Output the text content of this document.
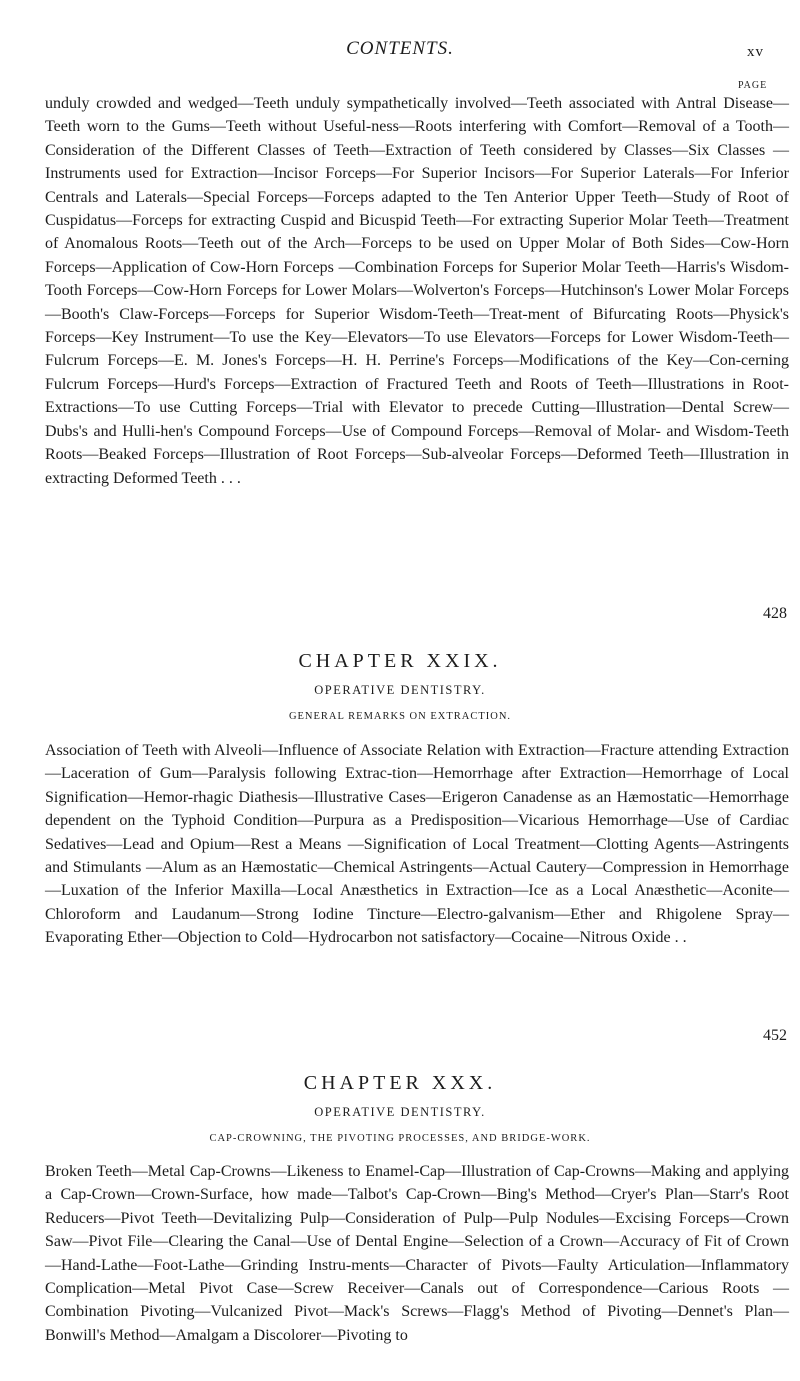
CONTENTS.	xv
PAGE
unduly crowded and wedged—Teeth unduly sympathetically involved—Teeth associated with Antral Disease—Teeth worn to the Gums—Teeth without Useful-ness—Roots interfering with Comfort—Removal of a Tooth—Consideration of the Different Classes of Teeth—Extraction of Teeth considered by Classes—Six Classes —Instruments used for Extraction—Incisor Forceps—For Superior Incisors—For Superior Laterals—For Inferior Centrals and Laterals—Special Forceps—Forceps adapted to the Ten Anterior Upper Teeth—Study of Root of Cuspidatus—Forceps for extracting Cuspid and Bicuspid Teeth—For extracting Superior Molar Teeth—Treatment of Anomalous Roots—Teeth out of the Arch—Forceps to be used on Upper Molar of Both Sides—Cow-Horn Forceps—Application of Cow-Horn Forceps —Combination Forceps for Superior Molar Teeth—Harris's Wisdom-Tooth Forceps—Cow-Horn Forceps for Lower Molars—Wolverton's Forceps—Hutchinson's Lower Molar Forceps—Booth's Claw-Forceps—Forceps for Superior Wisdom-Teeth—Treat-ment of Bifurcating Roots—Physick's Forceps—Key Instrument—To use the Key—Elevators—To use Elevators—Forceps for Lower Wisdom-Teeth—Fulcrum Forceps—E. M. Jones's Forceps—H. H. Perrine's Forceps—Modifications of the Key—Con-cerning Fulcrum Forceps—Hurd's Forceps—Extraction of Fractured Teeth and Roots of Teeth—Illustrations in Root-Extractions—To use Cutting Forceps—Trial with Elevator to precede Cutting—Illustration—Dental Screw—Dubs's and Hulli-hen's Compound Forceps—Use of Compound Forceps—Removal of Molar- and Wisdom-Teeth Roots—Beaked Forceps—Illustration of Root Forceps—Sub-alveolar Forceps—Deformed Teeth—Illustration in extracting Deformed Teeth . . .
428
CHAPTER XXIX.
OPERATIVE DENTISTRY.
GENERAL REMARKS ON EXTRACTION.
Association of Teeth with Alveoli—Influence of Associate Relation with Extraction—Fracture attending Extraction—Laceration of Gum—Paralysis following Extrac-tion—Hemorrhage after Extraction—Hemorrhage of Local Signification—Hemor-rhagic Diathesis—Illustrative Cases—Erigeron Canadense as an Hæmostatic—Hemorrhage dependent on the Typhoid Condition—Purpura as a Predisposition—Vicarious Hemorrhage—Use of Cardiac Sedatives—Lead and Opium—Rest a Means —Signification of Local Treatment—Clotting Agents—Astringents and Stimulants —Alum as an Hæmostatic—Chemical Astringents—Actual Cautery—Compression in Hemorrhage—Luxation of the Inferior Maxilla—Local Anæsthetics in Extraction—Ice as a Local Anæsthetic—Aconite—Chloroform and Laudanum—Strong Iodine Tincture—Electro-galvanism—Ether and Rhigolene Spray—Evaporating Ether—Objection to Cold—Hydrocarbon not satisfactory—Cocaine—Nitrous Oxide . .
452
CHAPTER XXX.
OPERATIVE DENTISTRY.
CAP-CROWNING, THE PIVOTING PROCESSES, AND BRIDGE-WORK.
Broken Teeth—Metal Cap-Crowns—Likeness to Enamel-Cap—Illustration of Cap-Crowns—Making and applying a Cap-Crown—Crown-Surface, how made—Talbot's Cap-Crown—Bing's Method—Cryer's Plan—Starr's Root Reducers—Pivot Teeth—Devitalizing Pulp—Consideration of Pulp—Pulp Nodules—Excising Forceps—Crown Saw—Pivot File—Clearing the Canal—Use of Dental Engine—Selection of a Crown—Accuracy of Fit of Crown—Hand-Lathe—Foot-Lathe—Grinding Instru-ments—Character of Pivots—Faulty Articulation—Inflammatory Complication—Metal Pivot Case—Screw Receiver—Canals out of Correspondence—Carious Roots —Combination Pivoting—Vulcanized Pivot—Mack's Screws—Flagg's Method of Pivoting—Dennet's Plan—Bonwill's Method—Amalgam a Discolorer—Pivoting to
